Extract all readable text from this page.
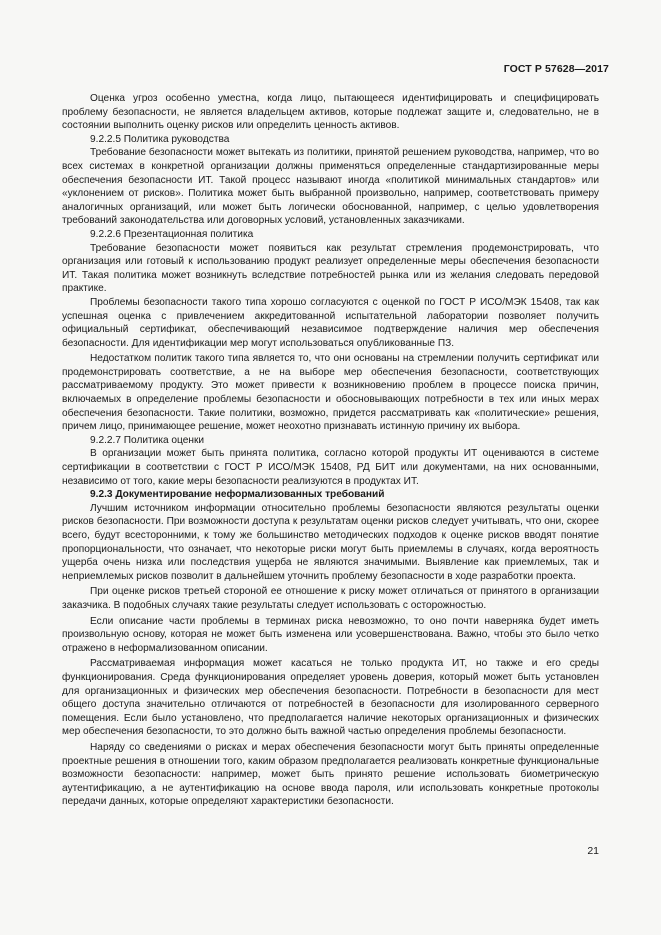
ГОСТ Р 57628—2017

Оценка угроз особенно уместна, когда лицо, пытающееся идентифицировать и специфицировать проблему безопасности, не является владельцем активов, которые подлежат защите и, следовательно, не в состоянии выполнить оценку рисков или определить ценность активов.

9.2.2.5 Политика руководства

Требование безопасности может вытекать из политики, принятой решением руководства, например, что во всех системах в конкретной организации должны применяться определенные стандартизированные меры обеспечения безопасности ИТ. Такой процесс называют иногда «политикой минимальных стандартов» или «уклонением от рисков». Политика может быть выбранной произвольно, например, соответствовать примеру аналогичных организаций, или может быть логически обоснованной, например, с целью удовлетворения требований законодательства или договорных условий, установленных заказчиками.

9.2.2.6 Презентационная политика

Требование безопасности может появиться как результат стремления продемонстрировать, что организация или готовый к использованию продукт реализует определенные меры обеспечения безопасности ИТ. Такая политика может возникнуть вследствие потребностей рынка или из желания следовать передовой практике.

Проблемы безопасности такого типа хорошо согласуются с оценкой по ГОСТ Р ИСО/МЭК 15408, так как успешная оценка с привлечением аккредитованной испытательной лаборатории позволяет получить официальный сертификат, обеспечивающий независимое подтверждение наличия мер обеспечения безопасности. Для идентификации мер могут использоваться опубликованные ПЗ.

Недостатком политик такого типа является то, что они основаны на стремлении получить сертификат или продемонстрировать соответствие, а не на выборе мер обеспечения безопасности, соответствующих рассматриваемому продукту. Это может привести к возникновению проблем в процессе поиска причин, включаемых в определение проблемы безопасности и обосновывающих потребности в тех или иных мерах обеспечения безопасности. Такие политики, возможно, придется рассматривать как «политические» решения, причем лицо, принимающее решение, может неохотно признавать истинную причину их выбора.

9.2.2.7 Политика оценки

В организации может быть принята политика, согласно которой продукты ИТ оцениваются в системе сертификации в соответствии с ГОСТ Р ИСО/МЭК 15408, РД БИТ или документами, на них основанными, независимо от того, какие меры безопасности реализуются в продуктах ИТ.

9.2.3 Документирование неформализованных требований

Лучшим источником информации относительно проблемы безопасности являются результаты оценки рисков безопасности. При возможности доступа к результатам оценки рисков следует учитывать, что они, скорее всего, будут всесторонними, к тому же большинство методических подходов к оценке рисков вводят понятие пропорциональности, что означает, что некоторые риски могут быть приемлемы в случаях, когда вероятность ущерба очень низка или последствия ущерба не являются значимыми. Выявление как приемлемых, так и неприемлемых рисков позволит в дальнейшем уточнить проблему безопасности в ходе разработки проекта.

При оценке рисков третьей стороной ее отношение к риску может отличаться от принятого в организации заказчика. В подобных случаях такие результаты следует использовать с осторожностью.

Если описание части проблемы в терминах риска невозможно, то оно почти наверняка будет иметь произвольную основу, которая не может быть изменена или усовершенствована. Важно, чтобы это было четко отражено в неформализованном описании.

Рассматриваемая информация может касаться не только продукта ИТ, но также и его среды функционирования. Среда функционирования определяет уровень доверия, который может быть установлен для организационных и физических мер обеспечения безопасности. Потребности в безопасности для мест общего доступа значительно отличаются от потребностей в безопасности для изолированного серверного помещения. Если было установлено, что предполагается наличие некоторых организационных и физических мер обеспечения безопасности, то это должно быть важной частью определения проблемы безопасности.

Наряду со сведениями о рисках и мерах обеспечения безопасности могут быть приняты определенные проектные решения в отношении того, каким образом предполагается реализовать конкретные функциональные возможности безопасности: например, может быть принято решение использовать биометрическую аутентификацию, а не аутентификацию на основе ввода пароля, или использовать конкретные протоколы передачи данных, которые определяют характеристики безопасности.

21
